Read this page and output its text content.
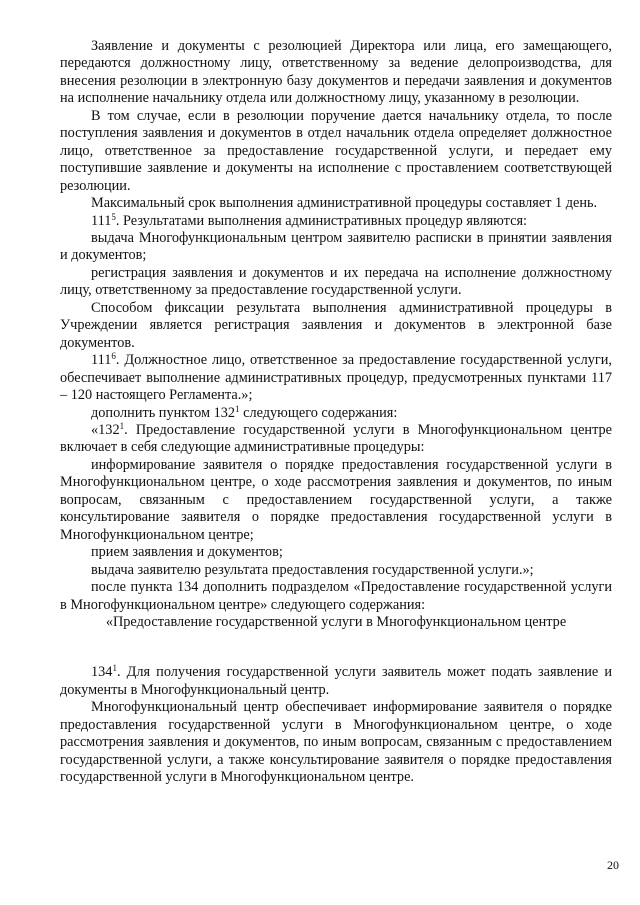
Заявление и документы с резолюцией Директора или лица, его замещающего, передаются должностному лицу, ответственному за ведение делопроизводства, для внесения резолюции в электронную базу документов и передачи заявления и документов на исполнение начальнику отдела или должностному лицу, указанному в резолюции.

В том случае, если в резолюции поручение дается начальнику отдела, то после поступления заявления и документов в отдел начальник отдела определяет должностное лицо, ответственное за предоставление государственной услуги, и передает ему поступившие заявление и документы на исполнение с проставлением соответствующей резолюции.

Максимальный срок выполнения административной процедуры составляет 1 день.

$111^5$. Результатами выполнения административных процедур являются:

выдача Многофункциональным центром заявителю расписки в принятии заявления и документов;

регистрация заявления и документов и их передача на исполнение должностному лицу, ответственному за предоставление государственной услуги.

Способом фиксации результата выполнения административной процедуры в Учреждении является регистрация заявления и документов в электронной базе документов.

$111^6$. Должностное лицо, ответственное за предоставление государственной услуги, обеспечивает выполнение административных процедур, предусмотренных пунктами 117 – 120 настоящего Регламента.»;

дополнить пунктом $132^1$ следующего содержания:

«$132^1$. Предоставление государственной услуги в Многофункциональном центре включает в себя следующие административные процедуры:

информирование заявителя о порядке предоставления государственной услуги в Многофункциональном центре, о ходе рассмотрения заявления и документов, по иным вопросам, связанным с предоставлением государственной услуги, а также консультирование заявителя о порядке предоставления государственной услуги в Многофункциональном центре;

прием заявления и документов;

выдача заявителю результата предоставления государственной услуги.»;

после пункта 134 дополнить подразделом «Предоставление государственной услуги в Многофункциональном центре» следующего содержания:

«Предоставление государственной услуги в Многофункциональном центре

$134^1$. Для получения государственной услуги заявитель может подать заявление и документы в Многофункциональный центр.

Многофункциональный центр обеспечивает информирование заявителя о порядке предоставления государственной услуги в Многофункциональном центре, о ходе рассмотрения заявления и документов, по иным вопросам, связанным с предоставлением государственной услуги, а также консультирование заявителя о порядке предоставления государственной услуги в Многофункциональном центре.

20
